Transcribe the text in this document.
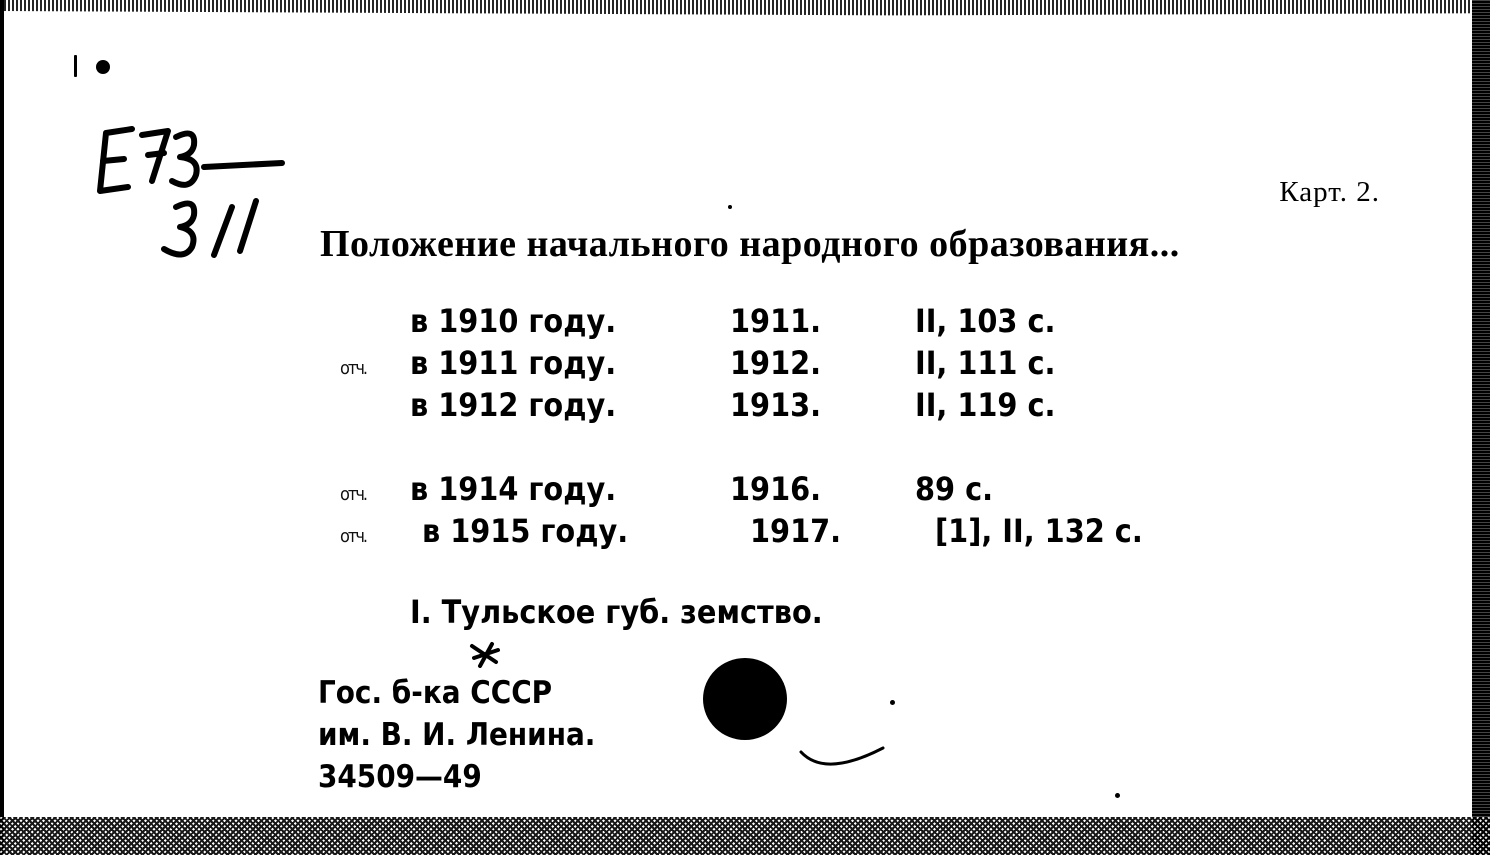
Карт. 2.
Положение начального народного образования...
в 1910 году.	1911.	II, 103 с.
отч. в 1911 году.	1912.	II, 111 с.
в 1912 году.	1913.	II, 119 с.
отч. в 1914 году.	1916.	89 с.
отч. в 1915 году.	1917.	[1], II, 132 с.
I. Тульское губ. земство.
Гос. б-ка СССР
им. В. И. Ленина.
34509—49
